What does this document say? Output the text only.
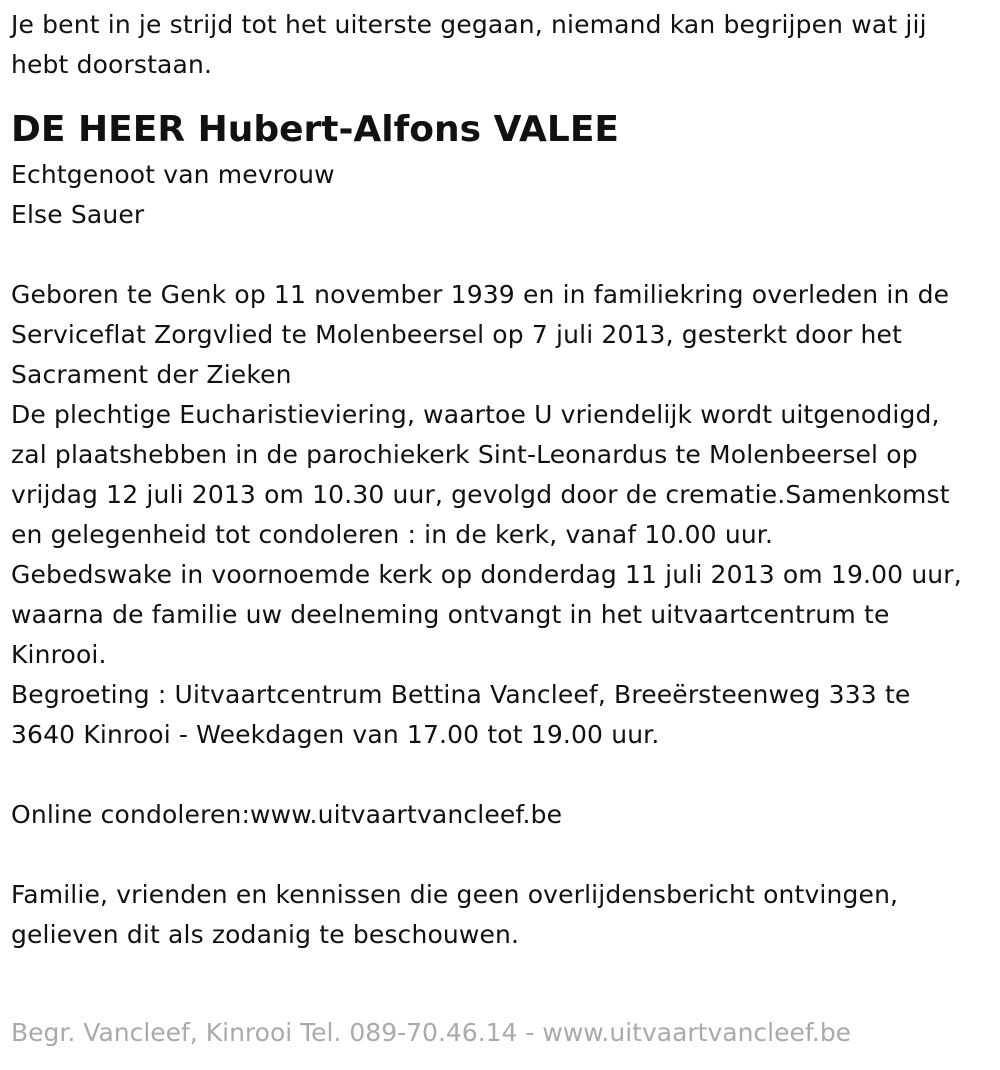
Je bent in je strijd tot het uiterste gegaan, niemand kan begrijpen wat jij
hebt doorstaan.
DE HEER Hubert-Alfons VALEE
Echtgenoot van mevrouw
Else Sauer
Geboren te Genk op 11 november 1939 en in familiekring overleden in de
Serviceflat Zorgvlied te Molenbeersel op 7 juli 2013, gesterkt door het
Sacrament der Zieken
De plechtige Eucharistieviering, waartoe U vriendelijk wordt uitgenodigd,
zal plaatshebben in de parochiekerk Sint-Leonardus te Molenbeersel op
vrijdag 12 juli 2013 om 10.30 uur, gevolgd door de crematie.Samenkomst
en gelegenheid tot condoleren : in de kerk, vanaf 10.00 uur.
Gebedswake in voornoemde kerk op donderdag 11 juli 2013 om 19.00 uur,
waarna de familie uw deelneming ontvangt in het uitvaartcentrum te
Kinrooi.
Begroeting : Uitvaartcentrum Bettina Vancleef, Breeërsteenweg 333 te
3640 Kinrooi - Weekdagen van 17.00 tot 19.00 uur.
Online condoleren:www.uitvaartvancleef.be
Familie, vrienden en kennissen die geen overlijdensbericht ontvingen,
gelieven dit als zodanig te beschouwen.
Begr. Vancleef, Kinrooi Tel. 089-70.46.14 - www.uitvaartvancleef.be
